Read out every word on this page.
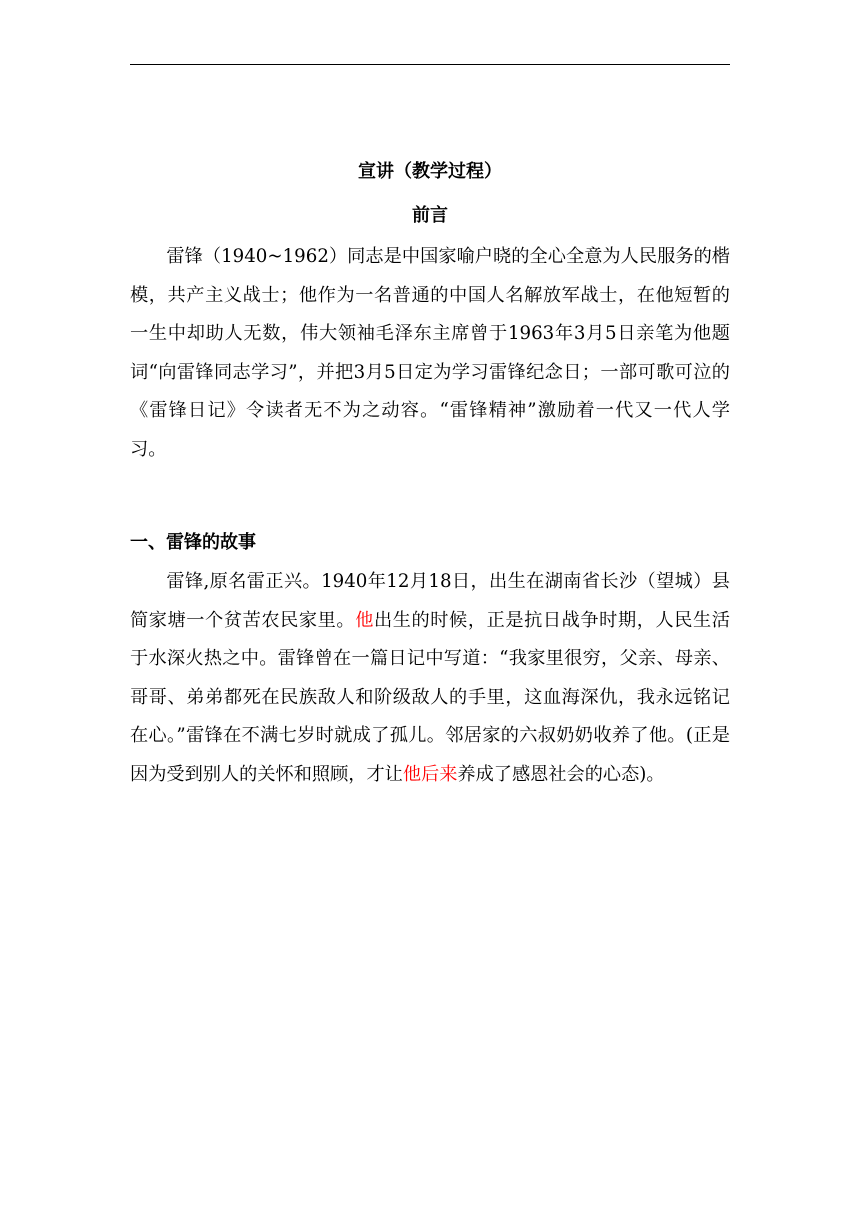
宣讲（教学过程）
前言

雷锋（1940~1962）同志是中国家喻户晓的全心全意为人民服务的楷模，共产主义战士；他作为一名普通的中国人名解放军战士，在他短暂的一生中却助人无数，伟大领袖毛泽东主席曾于1963年3月5日亲笔为他题词“向雷锋同志学习”，并把3月5日定为学习雷锋纪念日；一部可歌可泣的《雷锋日记》令读者无不为之动容。“雷锋精神”激励着一代又一代人学习。

一、雷锋的故事

雷锋,原名雷正兴。1940年12月18日，出生在湖南省长沙（望城）县简家塘一个贫苦农民家里。他出生的时候，正是抗日战争时期，人民生活于水深火热之中。雷锋曾在一篇日记中写道：“我家里很穷，父亲、母亲、哥哥、弟弟都死在民族敌人和阶级敌人的手里，这血海深仇，我永远铭记在心。”雷锋在不满七岁时就成了孤儿。邻居家的六叔奶奶收养了他。(正是因为受到别人的关怀和照顾，才让他后来养成了感恩社会的心态)。
